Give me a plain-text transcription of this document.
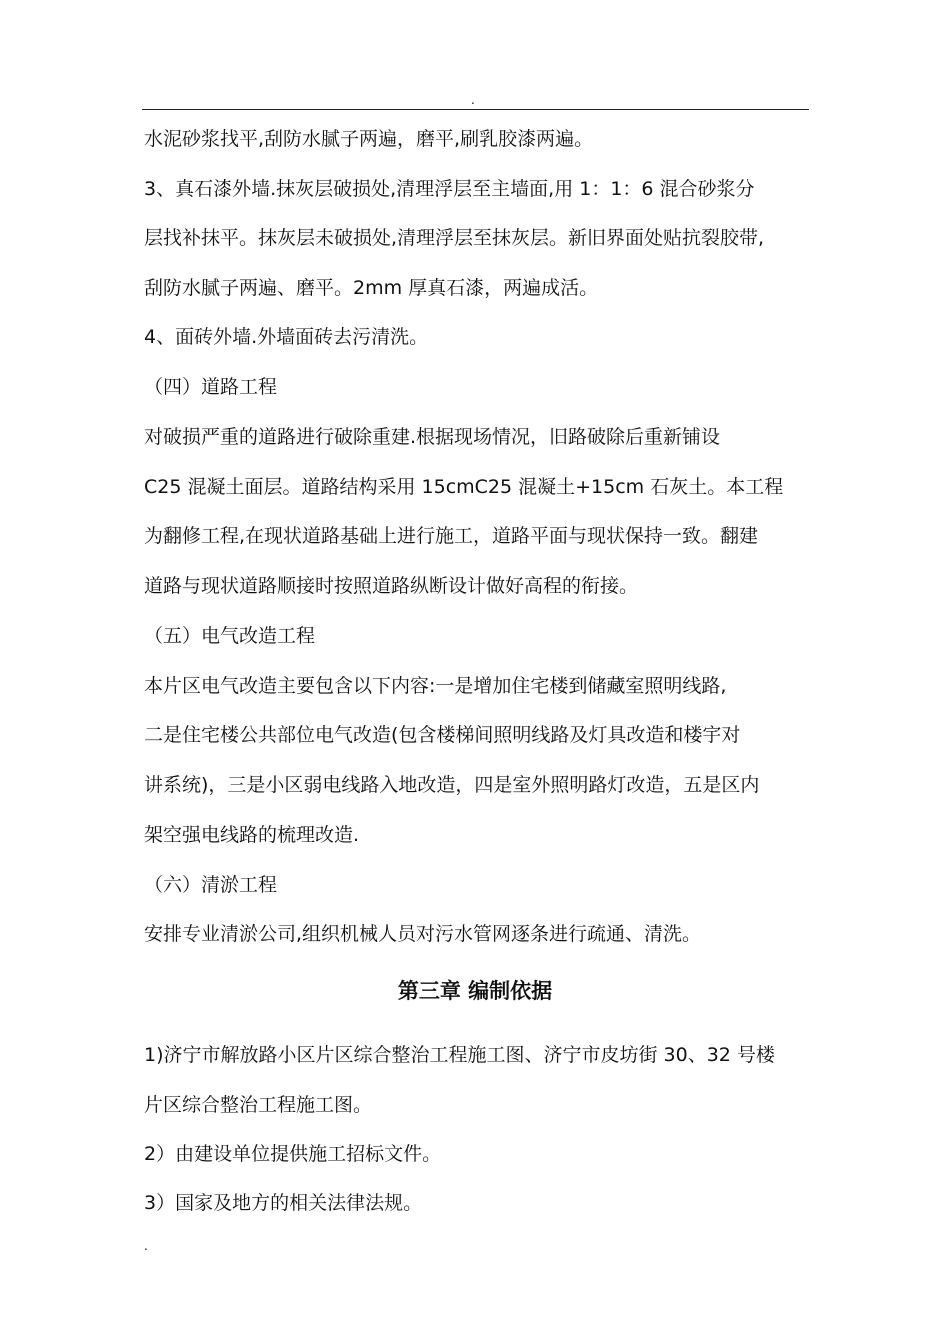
.
水泥砂浆找平,刮防水腻子两遍，磨平,刷乳胶漆两遍。
3、真石漆外墙.抹灰层破损处,清理浮层至主墙面,用 1：1：6 混合砂浆分
层找补抹平。抹灰层未破损处,清理浮层至抹灰层。新旧界面处贴抗裂胶带,
刮防水腻子两遍、磨平。2mm 厚真石漆，两遍成活。
4、面砖外墙.外墙面砖去污清洗。
（四）道路工程
对破损严重的道路进行破除重建.根据现场情况，旧路破除后重新铺设
C25 混凝土面层。道路结构采用 15cmC25 混凝土+15cm 石灰土。本工程
为翻修工程,在现状道路基础上进行施工，道路平面与现状保持一致。翻建
道路与现状道路顺接时按照道路纵断设计做好高程的衔接。
（五）电气改造工程
本片区电气改造主要包含以下内容:一是增加住宅楼到储藏室照明线路,
二是住宅楼公共部位电气改造(包含楼梯间照明线路及灯具改造和楼宇对
讲系统)，三是小区弱电线路入地改造，四是室外照明路灯改造，五是区内
架空强电线路的梳理改造.
（六）清淤工程
安排专业清淤公司,组织机械人员对污水管网逐条进行疏通、清洗。
第三章 编制依据
1)济宁市解放路小区片区综合整治工程施工图、济宁市皮坊街 30、32 号楼
片区综合整治工程施工图。
2）由建设单位提供施工招标文件。
3）国家及地方的相关法律法规。
.
